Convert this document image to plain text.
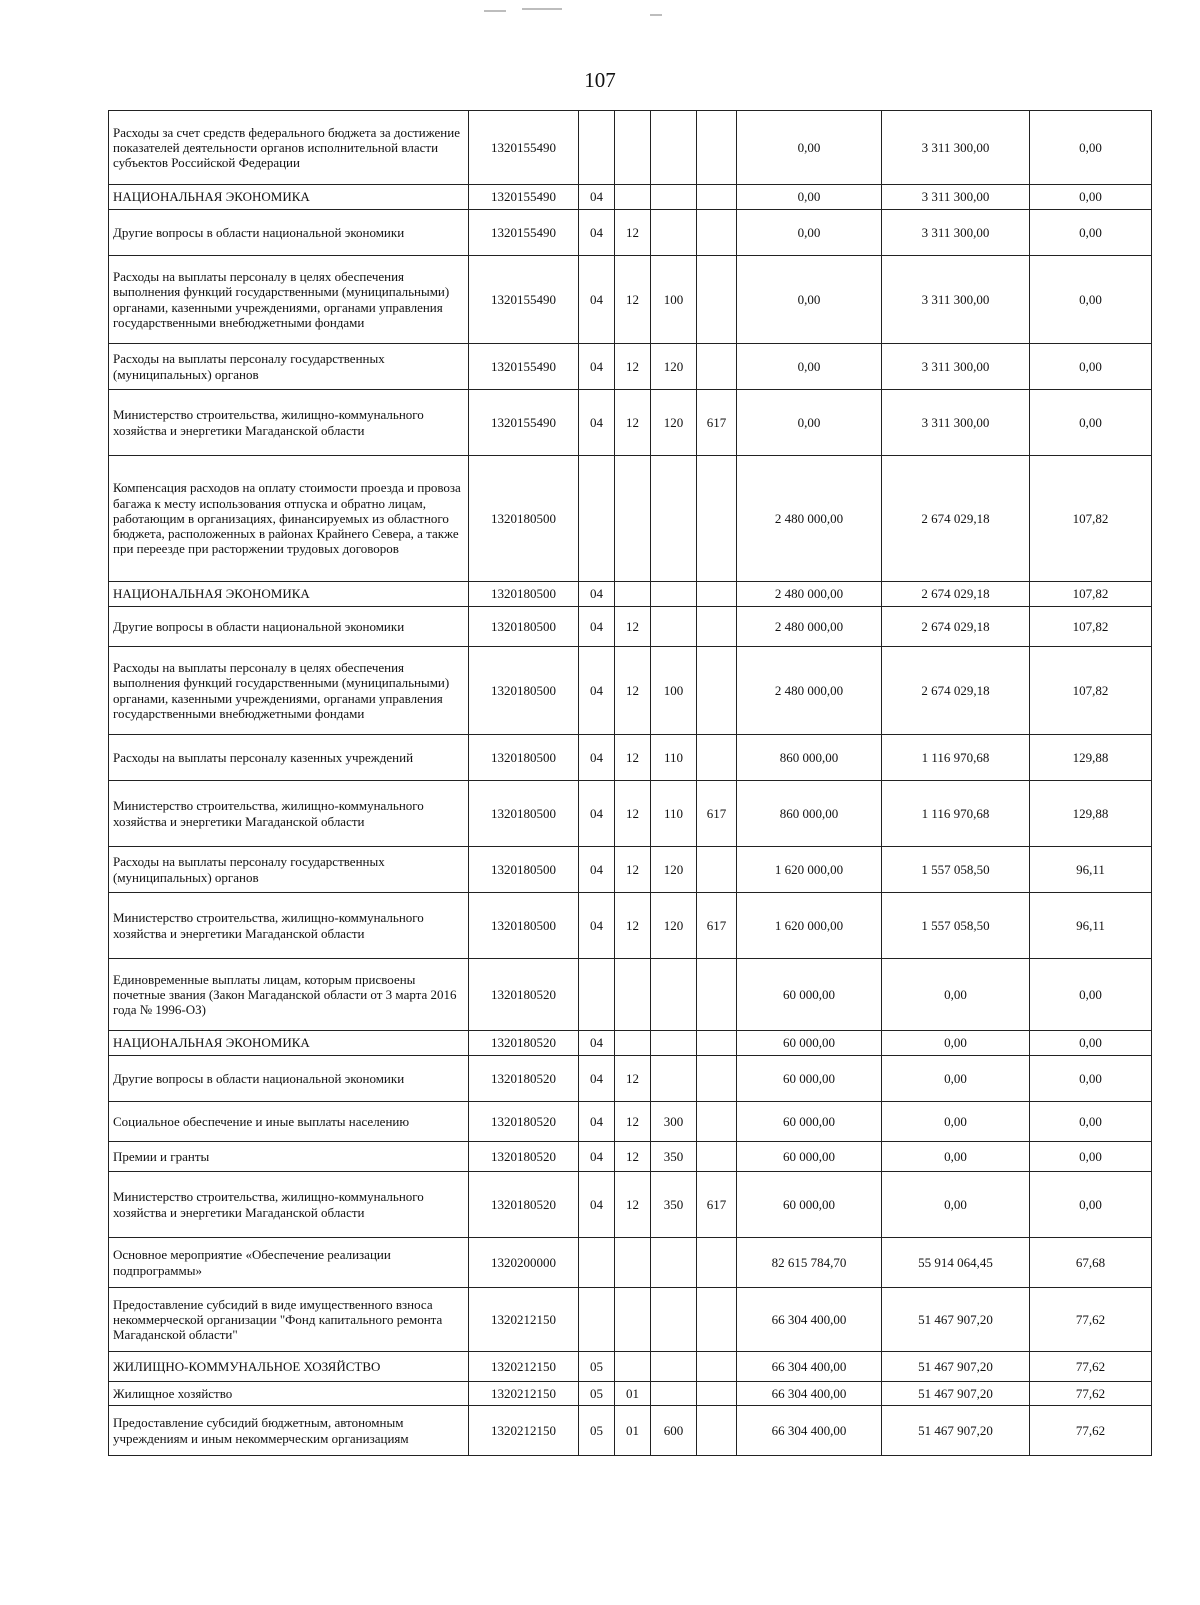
107
Расходы за счет средств федерального бюджета за достижение показателей деятельности органов исполнительной власти субъектов Российской Федерации	1320155490					0,00	3 311 300,00	0,00
НАЦИОНАЛЬНАЯ ЭКОНОМИКА	1320155490	04				0,00	3 311 300,00	0,00
Другие вопросы в области национальной экономики	1320155490	04	12			0,00	3 311 300,00	0,00
Расходы на выплаты персоналу в целях обеспечения выполнения функций государственными (муниципальными) органами, казенными учреждениями, органами управления государственными внебюджетными фондами	1320155490	04	12	100		0,00	3 311 300,00	0,00
Расходы на выплаты персоналу государственных (муниципальных) органов	1320155490	04	12	120		0,00	3 311 300,00	0,00
Министерство строительства, жилищно-коммунального хозяйства и энергетики Магаданской области	1320155490	04	12	120	617	0,00	3 311 300,00	0,00
Компенсация расходов на оплату стоимости проезда и провоза багажа к месту использования отпуска и обратно лицам, работающим в организациях, финансируемых из областного бюджета, расположенных в районах Крайнего Севера, а также при переезде при расторжении трудовых договоров	1320180500					2 480 000,00	2 674 029,18	107,82
НАЦИОНАЛЬНАЯ ЭКОНОМИКА	1320180500	04				2 480 000,00	2 674 029,18	107,82
Другие вопросы в области национальной экономики	1320180500	04	12			2 480 000,00	2 674 029,18	107,82
Расходы на выплаты персоналу в целях обеспечения выполнения функций государственными (муниципальными) органами, казенными учреждениями, органами управления государственными внебюджетными фондами	1320180500	04	12	100		2 480 000,00	2 674 029,18	107,82
Расходы на выплаты персоналу казенных учреждений	1320180500	04	12	110		860 000,00	1 116 970,68	129,88
Министерство строительства, жилищно-коммунального хозяйства и энергетики Магаданской области	1320180500	04	12	110	617	860 000,00	1 116 970,68	129,88
Расходы на выплаты персоналу государственных (муниципальных) органов	1320180500	04	12	120		1 620 000,00	1 557 058,50	96,11
Министерство строительства, жилищно-коммунального хозяйства и энергетики Магаданской области	1320180500	04	12	120	617	1 620 000,00	1 557 058,50	96,11
Единовременные выплаты лицам, которым присвоены почетные звания (Закон Магаданской области от 3 марта 2016 года № 1996-ОЗ)	1320180520					60 000,00	0,00	0,00
НАЦИОНАЛЬНАЯ ЭКОНОМИКА	1320180520	04				60 000,00	0,00	0,00
Другие вопросы в области национальной экономики	1320180520	04	12			60 000,00	0,00	0,00
Социальное обеспечение и иные выплаты населению	1320180520	04	12	300		60 000,00	0,00	0,00
Премии и гранты	1320180520	04	12	350		60 000,00	0,00	0,00
Министерство строительства, жилищно-коммунального хозяйства и энергетики Магаданской области	1320180520	04	12	350	617	60 000,00	0,00	0,00
Основное мероприятие «Обеспечение реализации подпрограммы»	1320200000					82 615 784,70	55 914 064,45	67,68
Предоставление субсидий в виде имущественного взноса некоммерческой организации "Фонд капитального ремонта Магаданской области"	1320212150					66 304 400,00	51 467 907,20	77,62
ЖИЛИЩНО-КОММУНАЛЬНОЕ ХОЗЯЙСТВО	1320212150	05				66 304 400,00	51 467 907,20	77,62
Жилищное хозяйство	1320212150	05	01			66 304 400,00	51 467 907,20	77,62
Предоставление субсидий бюджетным, автономным учреждениям и иным некоммерческим организациям	1320212150	05	01	600		66 304 400,00	51 467 907,20	77,62
